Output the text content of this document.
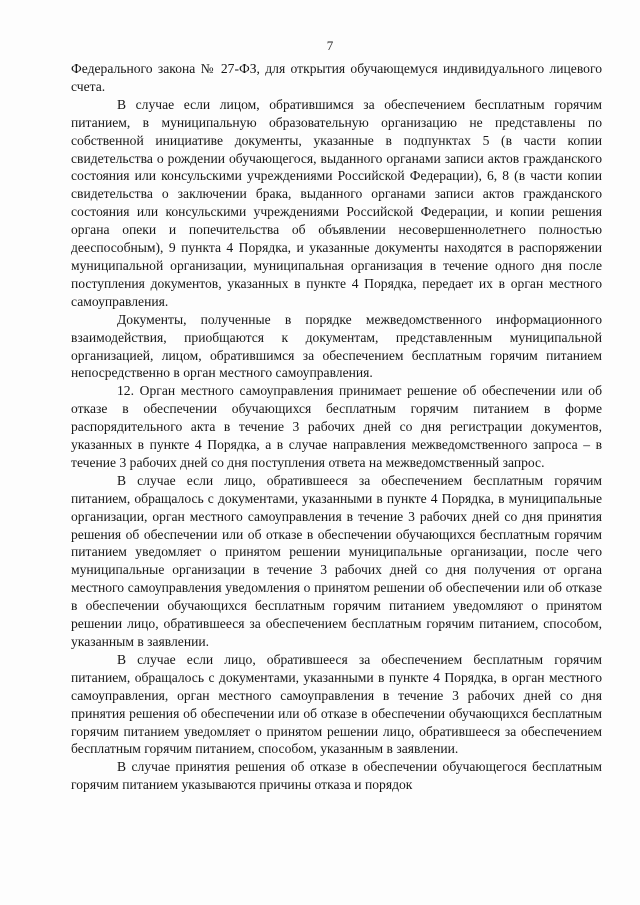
7

Федерального закона № 27-ФЗ, для открытия обучающемуся индивидуального лицевого счета.

В случае если лицом, обратившимся за обеспечением бесплатным горячим питанием, в муниципальную образовательную организацию не представлены по собственной инициативе документы, указанные в подпунктах 5 (в части копии свидетельства о рождении обучающегося, выданного органами записи актов гражданского состояния или консульскими учреждениями Российской Федерации), 6, 8 (в части копии свидетельства о заключении брака, выданного органами записи актов гражданского состояния или консульскими учреждениями Российской Федерации, и копии решения органа опеки и попечительства об объявлении несовершеннолетнего полностью дееспособным), 9 пункта 4 Порядка, и указанные документы находятся в распоряжении муниципальной организации, муниципальная организация в течение одного дня после поступления документов, указанных в пункте 4 Порядка, передает их в орган местного самоуправления.

Документы, полученные в порядке межведомственного информационного взаимодействия, приобщаются к документам, представленным муниципальной организацией, лицом, обратившимся за обеспечением бесплатным горячим питанием непосредственно в орган местного самоуправления.

12. Орган местного самоуправления принимает решение об обеспечении или об отказе в обеспечении обучающихся бесплатным горячим питанием в форме распорядительного акта в течение 3 рабочих дней со дня регистрации документов, указанных в пункте 4 Порядка, а в случае направления межведомственного запроса – в течение 3 рабочих дней со дня поступления ответа на межведомственный запрос.

В случае если лицо, обратившееся за обеспечением бесплатным горячим питанием, обращалось с документами, указанными в пункте 4 Порядка, в муниципальные организации, орган местного самоуправления в течение 3 рабочих дней со дня принятия решения об обеспечении или об отказе в обеспечении обучающихся бесплатным горячим питанием уведомляет о принятом решении муниципальные организации, после чего муниципальные организации в течение 3 рабочих дней со дня получения от органа местного самоуправления уведомления о принятом решении об обеспечении или об отказе в обеспечении обучающихся бесплатным горячим питанием уведомляют о принятом решении лицо, обратившееся за обеспечением бесплатным горячим питанием, способом, указанным в заявлении.

В случае если лицо, обратившееся за обеспечением бесплатным горячим питанием, обращалось с документами, указанными в пункте 4 Порядка, в орган местного самоуправления, орган местного самоуправления в течение 3 рабочих дней со дня принятия решения об обеспечении или об отказе в обеспечении обучающихся бесплатным горячим питанием уведомляет о принятом решении лицо, обратившееся за обеспечением бесплатным горячим питанием, способом, указанным в заявлении.

В случае принятия решения об отказе в обеспечении обучающегося бесплатным горячим питанием указываются причины отказа и порядок
